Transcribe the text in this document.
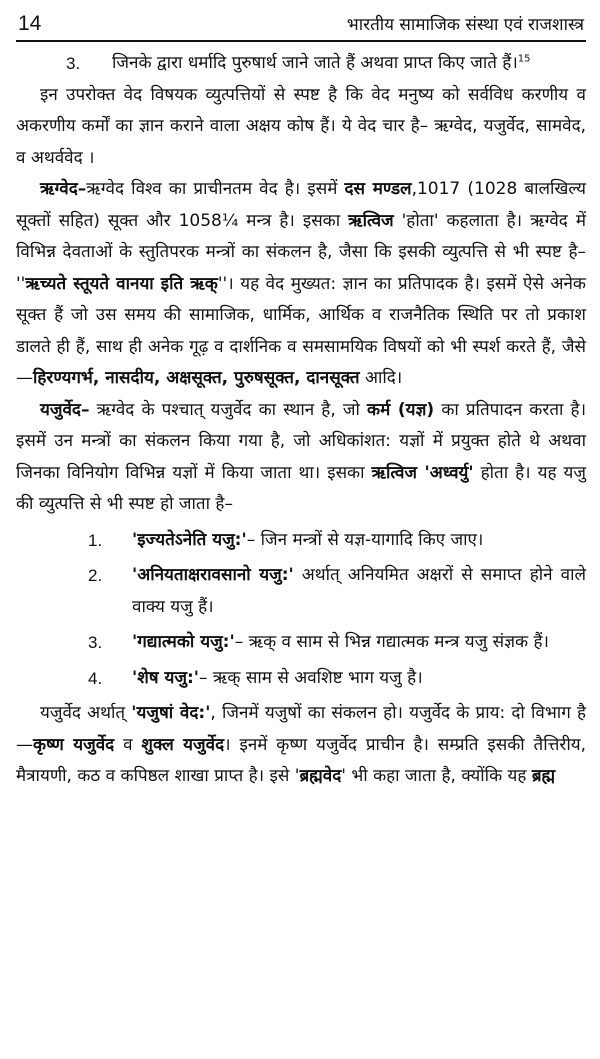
14	भारतीय सामाजिक संस्था एवं राजशास्त्र
3.	जिनके द्वारा धर्मादि पुरुषार्थ जाने जाते हैं अथवा प्राप्त किए जाते हैं।$^{15}$

इन उपरोक्त वेद विषयक व्युत्पत्तियों से स्पष्ट है कि वेद मनुष्य को सर्वविध करणीय व अकरणीय कर्मों का ज्ञान कराने वाला अक्षय कोष हैं। ये वेद चार है– ऋग्वेद, यजुर्वेद, सामवेद, व अथर्ववेद ।

ऋग्वेद–ऋग्वेद विश्व का प्राचीनतम वेद है। इसमें दस मण्डल,1017 (1028 बालखिल्य सूक्तों सहित) सूक्त और 1058¼ मन्त्र है। इसका ऋत्विज 'होता' कहलाता है। ऋग्वेद में विभिन्न देवताओं के स्तुतिपरक मन्त्रों का संकलन है, जैसा कि इसकी व्युत्पत्ति से भी स्पष्ट है– ''ऋच्यते स्तूयते वानया इति ऋक्''। यह वेद मुख्यत: ज्ञान का प्रतिपादक है। इसमें ऐसे अनेक सूक्त हैं जो उस समय की सामाजिक, धार्मिक, आर्थिक व राजनैतिक स्थिति पर तो प्रकाश डालते ही हैं, साथ ही अनेक गूढ़ व दार्शनिक व समसामयिक विषयों को भी स्पर्श करते हैं, जैसे—हिरण्यगर्भ, नासदीय, अक्षसूक्त, पुरुषसूक्त, दानसूक्त आदि।

यजुर्वेद– ऋग्वेद के पश्चात् यजुर्वेद का स्थान है, जो कर्म (यज्ञ) का प्रतिपादन करता है। इसमें उन मन्त्रों का संकलन किया गया है, जो अधिकांशत: यज्ञों में प्रयुक्त होते थे अथवा जिनका विनियोग विभिन्न यज्ञों में किया जाता था। इसका ऋत्विज 'अध्वर्यु' होता है। यह यजु की व्युत्पत्ति से भी स्पष्ट हो जाता है–

1.	'इज्यतेऽनेति यजु:'– जिन मन्त्रों से यज्ञ-यागादि किए जाए।
2.	'अनियताक्षरावसानो यजु:' अर्थात् अनियमित अक्षरों से समाप्त होने वाले वाक्य यजु हैं।
3.	'गद्यात्मको यजु:'– ऋक् व साम से भिन्न गद्यात्मक मन्त्र यजु संज्ञक हैं।
4.	'शेष यजु:'– ऋक् साम से अवशिष्ट भाग यजु है।

यजुर्वेद अर्थात् 'यजुषां वेद:', जिनमें यजुषों का संकलन हो। यजुर्वेद के प्राय: दो विभाग है—कृष्ण यजुर्वेद व शुक्ल यजुर्वेद। इनमें कृष्ण यजुर्वेद प्राचीन है। सम्प्रति इसकी तैत्तिरीय, मैत्रायणी, कठ व कपिष्ठल शाखा प्राप्त है। इसे 'ब्रह्मवेद' भी कहा जाता है, क्योंकि यह ब्रह्म
